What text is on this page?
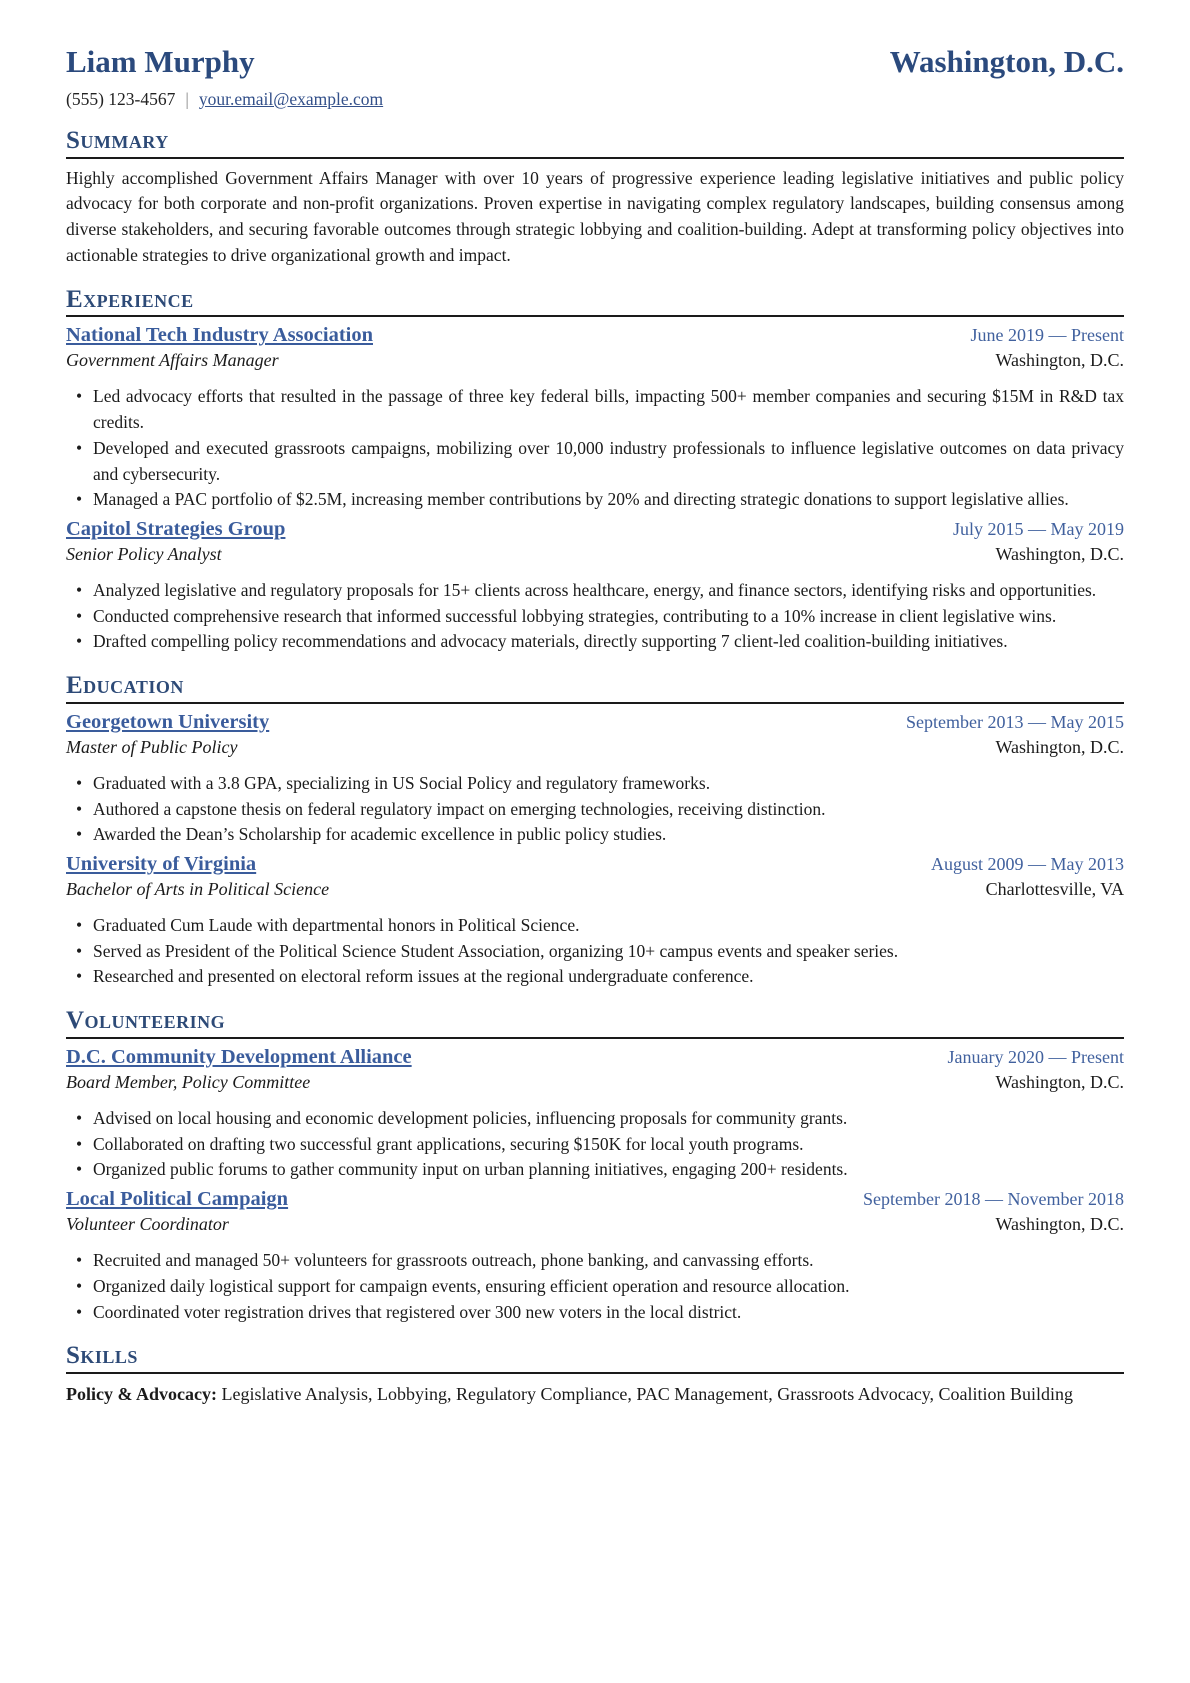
Liam Murphy	Washington, D.C.
(555) 123-4567 | your.email@example.com
Summary

Highly accomplished Government Affairs Manager with over 10 years of progressive experience leading legislative initiatives and public policy advocacy for both corporate and non-profit organizations. Proven expertise in navigating complex regulatory landscapes, building consensus among diverse stakeholders, and securing favorable outcomes through strategic lobbying and coalition-building. Adept at transforming policy objectives into actionable strategies to drive organizational growth and impact.

Experience
National Tech Industry Association	June 2019 — Present
Government Affairs Manager	Washington, D.C.
• Led advocacy efforts that resulted in the passage of three key federal bills, impacting 500+ member companies and securing $15M in R&D tax credits.
• Developed and executed grassroots campaigns, mobilizing over 10,000 industry professionals to influence legislative outcomes on data privacy and cybersecurity.
• Managed a PAC portfolio of $2.5M, increasing member contributions by 20% and directing strategic donations to support legislative allies.
Capitol Strategies Group	July 2015 — May 2019
Senior Policy Analyst	Washington, D.C.
• Analyzed legislative and regulatory proposals for 15+ clients across healthcare, energy, and finance sectors, identifying risks and opportunities.
• Conducted comprehensive research that informed successful lobbying strategies, contributing to a 10% increase in client legislative wins.
• Drafted compelling policy recommendations and advocacy materials, directly supporting 7 client-led coalition-building initiatives.
Education
Georgetown University	September 2013 — May 2015
Master of Public Policy	Washington, D.C.
• Graduated with a 3.8 GPA, specializing in US Social Policy and regulatory frameworks.
• Authored a capstone thesis on federal regulatory impact on emerging technologies, receiving distinction.
• Awarded the Dean’s Scholarship for academic excellence in public policy studies.
University of Virginia	August 2009 — May 2013
Bachelor of Arts in Political Science	Charlottesville, VA
• Graduated Cum Laude with departmental honors in Political Science.
• Served as President of the Political Science Student Association, organizing 10+ campus events and speaker series.
• Researched and presented on electoral reform issues at the regional undergraduate conference.
Volunteering
D.C. Community Development Alliance	January 2020 — Present
Board Member, Policy Committee	Washington, D.C.
• Advised on local housing and economic development policies, influencing proposals for community grants.
• Collaborated on drafting two successful grant applications, securing $150K for local youth programs.
• Organized public forums to gather community input on urban planning initiatives, engaging 200+ residents.
Local Political Campaign	September 2018 — November 2018
Volunteer Coordinator	Washington, D.C.
• Recruited and managed 50+ volunteers for grassroots outreach, phone banking, and canvassing efforts.
• Organized daily logistical support for campaign events, ensuring efficient operation and resource allocation.
• Coordinated voter registration drives that registered over 300 new voters in the local district.
Skills

Policy & Advocacy: Legislative Analysis, Lobbying, Regulatory Compliance, PAC Management, Grassroots Advocacy, Coalition Building
